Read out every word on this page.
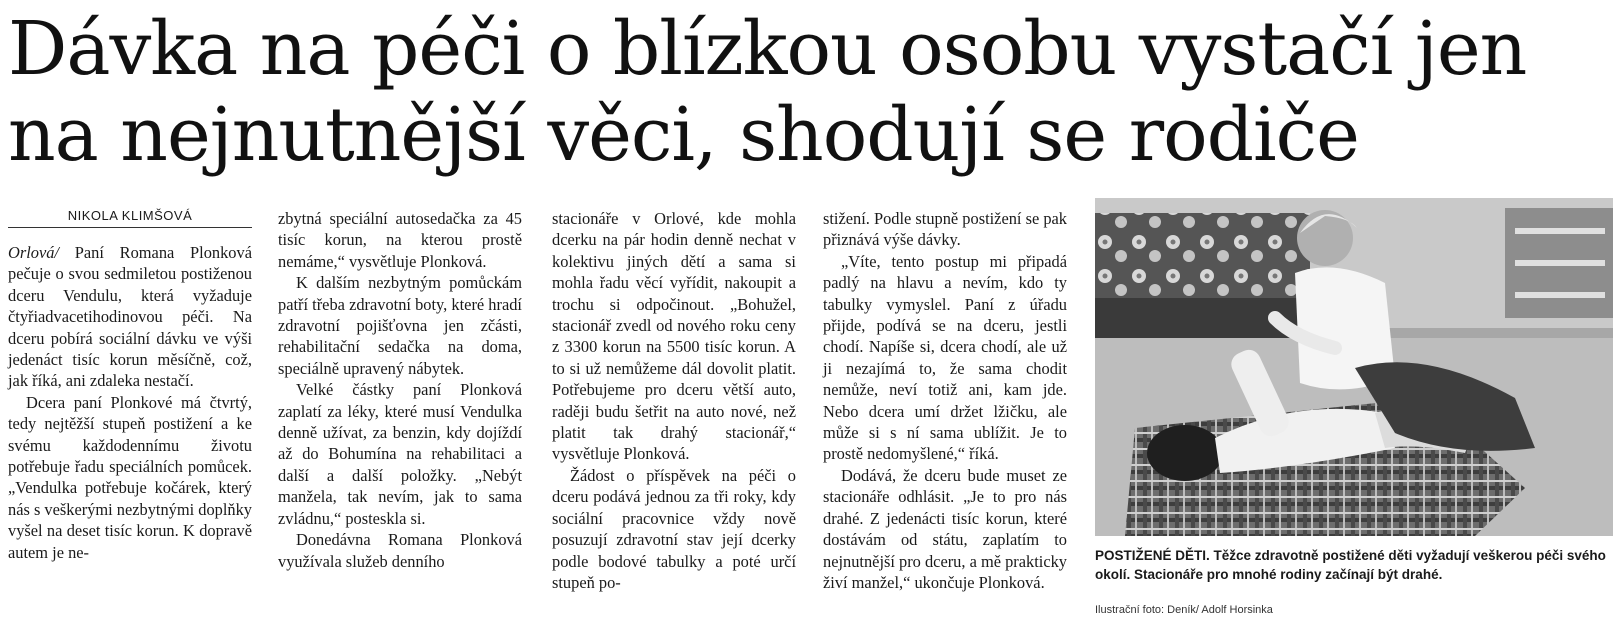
Dávka na péči o blízkou osobu vystačí jen na nejnutnější věci, shodují se rodiče
NIKOLA KLIMŠOVÁ

Orlová/ Paní Romana Plonková pečuje o svou sedmiletou postiženou dceru Vendulu, která vyžaduje čtyřiadvacetihodinovou péči. Na dceru pobírá sociální dávku ve výši jedenáct tisíc korun měsíčně, což, jak říká, ani zdaleka nestačí.

Dcera paní Plonkové má čtvrtý, tedy nejtěžší stupeň postižení a ke svému každodennímu životu potřebuje řadu speciálních pomůcek. „Vendulka potřebuje kočárek, který nás s veškerými nezbytnými doplňky vyšel na deset tisíc korun. K dopravě autem je ne-

zbytná speciální autosedačka za 45 tisíc korun, na kterou prostě nemáme,“ vysvětluje Plonková.

K dalším nezbytným pomůckám patří třeba zdravotní boty, které hradí zdravotní pojišťovna jen zčásti, rehabilitační sedačka na doma, speciálně upravený nábytek.

Velké částky paní Plonková zaplatí za léky, které musí Vendulka denně užívat, za benzin, kdy dojíždí až do Bohumína na rehabilitaci a další a další položky. „Nebýt manžela, tak nevím, jak to sama zvládnu,“ posteskla si.

Donedávna Romana Plonková využívala služeb denního

stacionáře v Orlové, kde mohla dcerku na pár hodin denně nechat v kolektivu jiných dětí a sama si mohla řadu věcí vyřídit, nakoupit a trochu si odpočinout. „Bohužel, stacionář zvedl od nového roku ceny z 3300 korun na 5500 tisíc korun. A to si už nemůžeme dál dovolit platit. Potřebujeme pro dceru větší auto, raději budu šetřit na auto nové, než platit tak drahý stacionář,“ vysvětluje Plonková.

Žádost o příspěvek na péči o dceru podává jednou za tři roky, kdy sociální pracovnice vždy nově posuzují zdravotní stav její dcerky podle bodové tabulky a poté určí stupeň po-

stižení. Podle stupně postižení se pak přiznává výše dávky.

„Víte, tento postup mi připadá padlý na hlavu a nevím, kdo ty tabulky vymyslel. Paní z úřadu přijde, podívá se na dceru, jestli chodí. Napíše si, dcera chodí, ale už ji nezajímá to, že sama chodit nemůže, neví totiž ani, kam jde. Nebo dcera umí držet lžičku, ale může si s ní sama ublížit. Je to prostě nedomyšlené,“ říká.

Dodává, že dceru bude muset ze stacionáře odhlásit. „Je to pro nás drahé. Z jedenácti tisíc korun, které dostávám od státu, zaplatím to nejnutnější pro dceru, a mě prakticky živí manžel,“ ukončuje Plonková.

POSTIŽENÉ DĚTI. Těžce zdravotně postižené děti vyžadují veškerou péči svého okolí. Stacionáře pro mnohé rodiny začínají být drahé.

Ilustrační foto: Deník/ Adolf Horsinka
